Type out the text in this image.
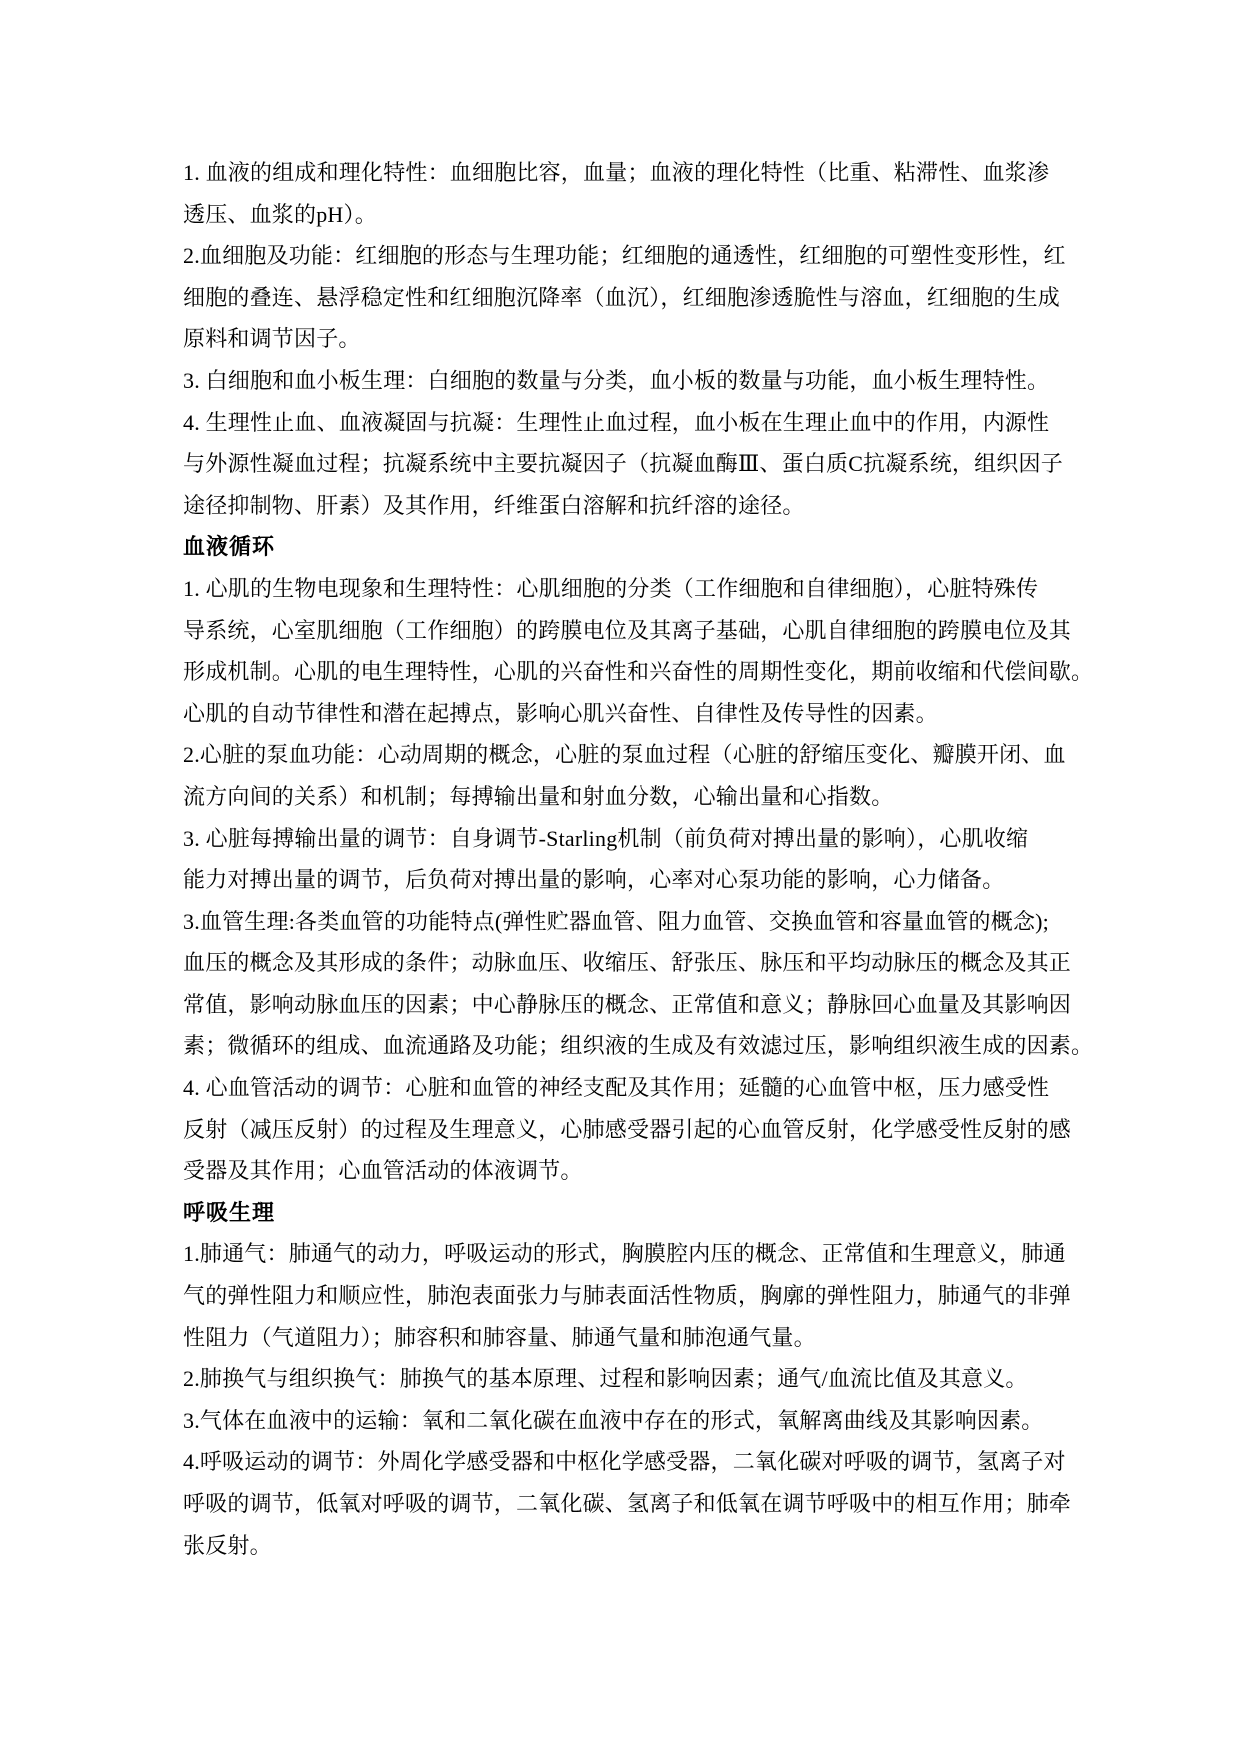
1. 血液的组成和理化特性：血细胞比容，血量；血液的理化特性（比重、粘滞性、血浆渗
透压、血浆的pH）。
2.血细胞及功能：红细胞的形态与生理功能；红细胞的通透性，红细胞的可塑性变形性，红
细胞的叠连、悬浮稳定性和红细胞沉降率（血沉），红细胞渗透脆性与溶血，红细胞的生成
原料和调节因子。
3. 白细胞和血小板生理：白细胞的数量与分类，血小板的数量与功能，血小板生理特性。
4. 生理性止血、血液凝固与抗凝：生理性止血过程，血小板在生理止血中的作用，内源性
与外源性凝血过程；抗凝系统中主要抗凝因子（抗凝血酶Ⅲ、蛋白质C抗凝系统，组织因子
途径抑制物、肝素）及其作用，纤维蛋白溶解和抗纤溶的途径。
血液循环
1. 心肌的生物电现象和生理特性：心肌细胞的分类（工作细胞和自律细胞），心脏特殊传
导系统，心室肌细胞（工作细胞）的跨膜电位及其离子基础，心肌自律细胞的跨膜电位及其
形成机制。心肌的电生理特性，心肌的兴奋性和兴奋性的周期性变化，期前收缩和代偿间歇。
心肌的自动节律性和潜在起搏点，影响心肌兴奋性、自律性及传导性的因素。
2.心脏的泵血功能：心动周期的概念，心脏的泵血过程（心脏的舒缩压变化、瓣膜开闭、血
流方向间的关系）和机制；每搏输出量和射血分数，心输出量和心指数。
3. 心脏每搏输出量的调节：自身调节-Starling机制（前负荷对搏出量的影响），心肌收缩
能力对搏出量的调节，后负荷对搏出量的影响，心率对心泵功能的影响，心力储备。
3.血管生理:各类血管的功能特点(弹性贮器血管、阻力血管、交换血管和容量血管的概念);
血压的概念及其形成的条件；动脉血压、收缩压、舒张压、脉压和平均动脉压的概念及其正
常值，影响动脉血压的因素；中心静脉压的概念、正常值和意义；静脉回心血量及其影响因
素；微循环的组成、血流通路及功能；组织液的生成及有效滤过压，影响组织液生成的因素。
4. 心血管活动的调节：心脏和血管的神经支配及其作用；延髓的心血管中枢，压力感受性
反射（减压反射）的过程及生理意义，心肺感受器引起的心血管反射，化学感受性反射的感
受器及其作用；心血管活动的体液调节。
呼吸生理
1.肺通气：肺通气的动力，呼吸运动的形式，胸膜腔内压的概念、正常值和生理意义，肺通
气的弹性阻力和顺应性，肺泡表面张力与肺表面活性物质，胸廓的弹性阻力，肺通气的非弹
性阻力（气道阻力）；肺容积和肺容量、肺通气量和肺泡通气量。
2.肺换气与组织换气：肺换气的基本原理、过程和影响因素；通气/血流比值及其意义。
3.气体在血液中的运输：氧和二氧化碳在血液中存在的形式，氧解离曲线及其影响因素。
4.呼吸运动的调节：外周化学感受器和中枢化学感受器，二氧化碳对呼吸的调节，氢离子对
呼吸的调节，低氧对呼吸的调节，二氧化碳、氢离子和低氧在调节呼吸中的相互作用；肺牵
张反射。
